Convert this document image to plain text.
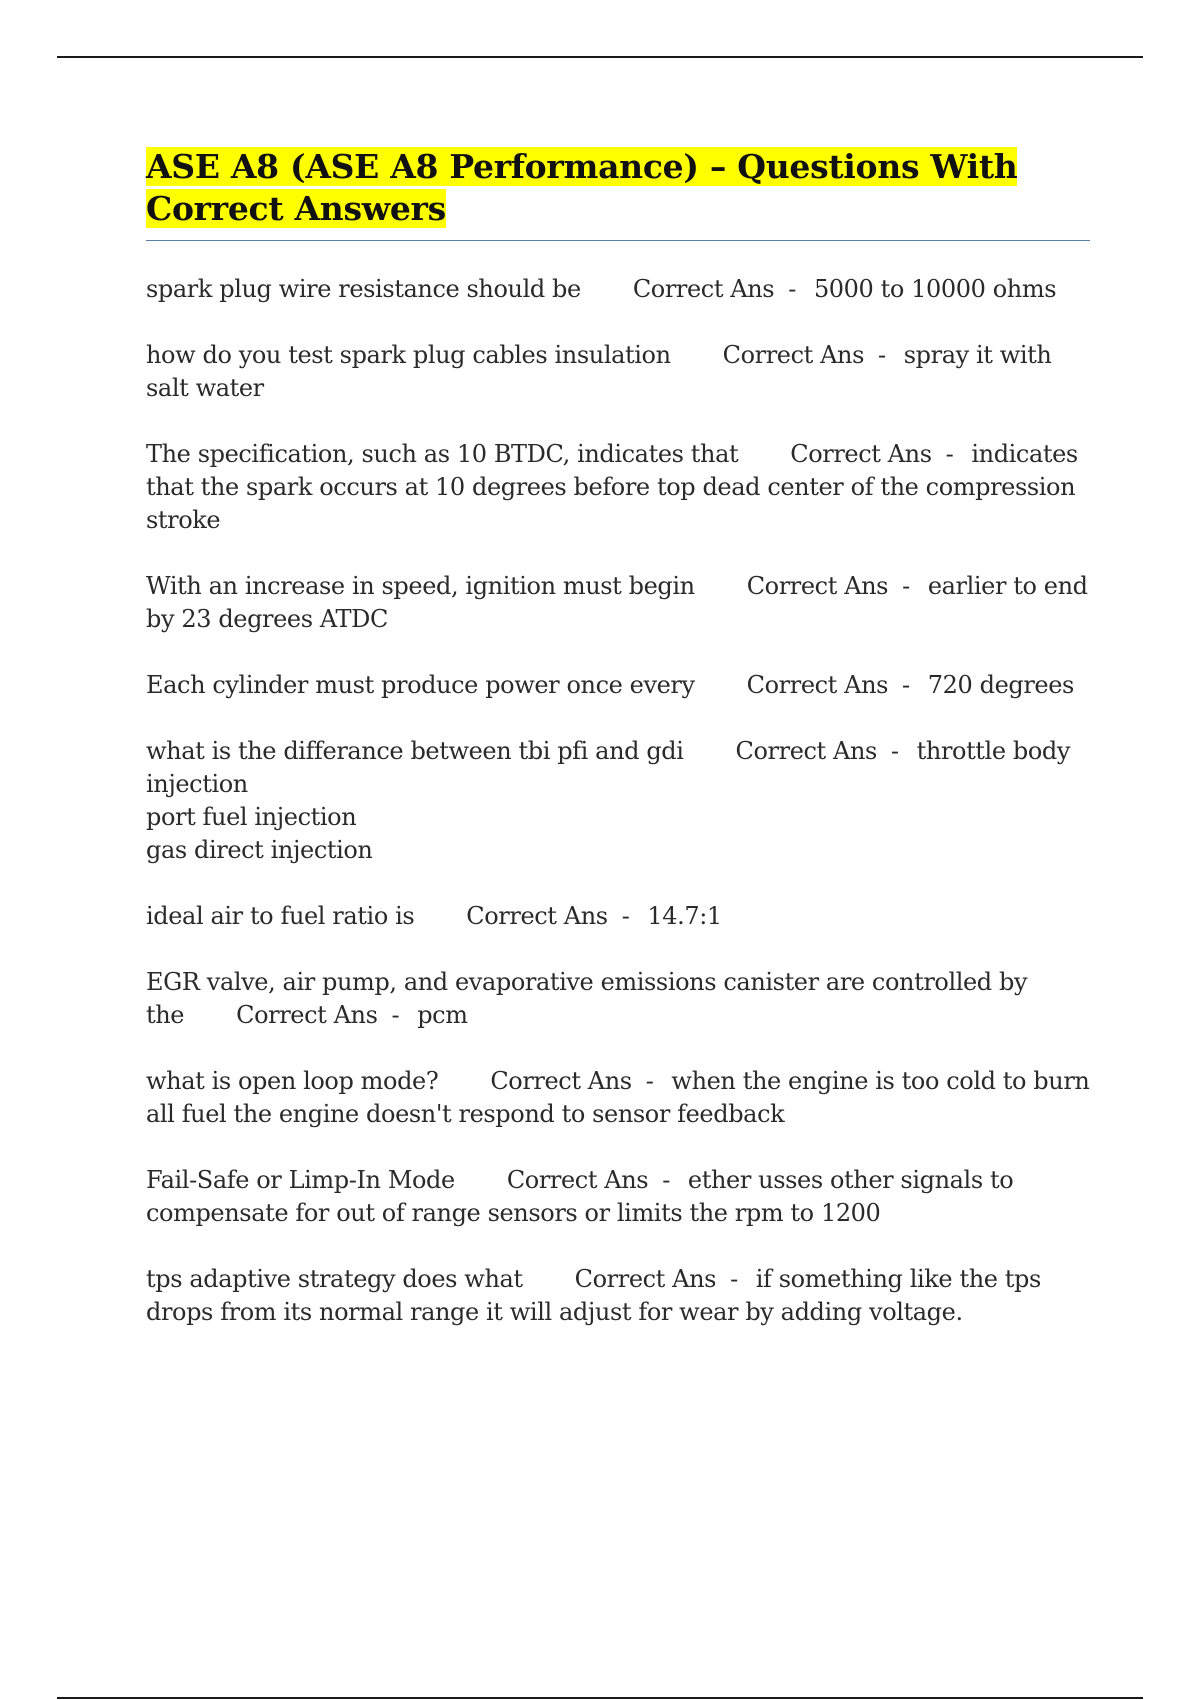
ASE A8 (ASE A8 Performance) – Questions With Correct Answers

spark plug wire resistance should be Correct Ans - 5000 to 10000 ohms

how do you test spark plug cables insulation Correct Ans - spray it with salt water

The specification, such as 10 BTDC, indicates that Correct Ans - indicates that the spark occurs at 10 degrees before top dead center of the compression stroke

With an increase in speed, ignition must begin Correct Ans - earlier to end by 23 degrees ATDC

Each cylinder must produce power once every Correct Ans - 720 degrees

what is the differance between tbi pfi and gdi Correct Ans - throttle body injection
port fuel injection
gas direct injection

ideal air to fuel ratio is Correct Ans - 14.7:1

EGR valve, air pump, and evaporative emissions canister are controlled by the Correct Ans - pcm

what is open loop mode? Correct Ans - when the engine is too cold to burn all fuel the engine doesn't respond to sensor feedback

Fail-Safe or Limp-In Mode Correct Ans - ether usses other signals to compensate for out of range sensors or limits the rpm to 1200

tps adaptive strategy does what Correct Ans - if something like the tps drops from its normal range it will adjust for wear by adding voltage.
